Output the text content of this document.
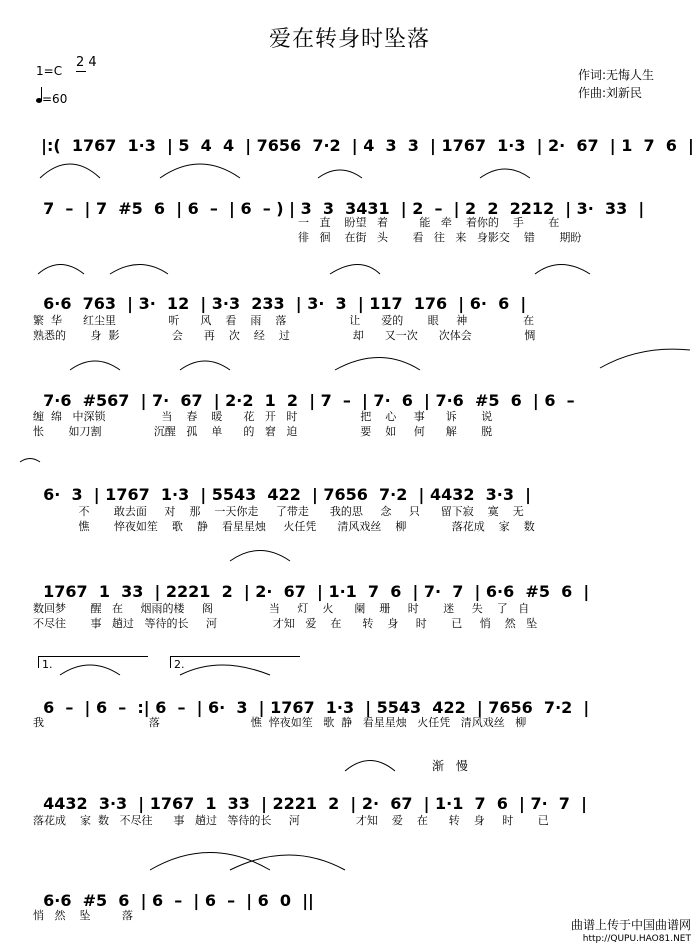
爱在转身时坠落
1=C
2 4
=60
作词:无悔人生
作曲:刘新民

|:(  1767  1·3  | 5  4  4  | 7656  7·2  | 4  3  3  | 1767  1·3  | 2·  67  | 1  7  6  |

7  –  | 7  #5  6  | 6  –  | 6  – ) | 3  3  3431  | 2  –  | 2  2  2212  | 3·  33  |

一   直    盼望   着         能   牵    着你的    手       在
徘   徊    在街   头       看   往   来   身影交    错       期盼

6·6  763  | 3·  12  | 3·3  233  | 3·  3  | 117  176  | 6·  6  |

繁  华      红尘里               听      风    看    雨    落                  让      爱的       眼     神                在
熟悉的       身  影               会      再    次    经    过                  却      又一次      次体会               惆

7·6  #567  | 7·  67  | 2·2  1  2  | 7  –  | 7·  6  | 7·6  #5  6  | 6  –

缠  绵   中深锁                当    春    暖      花   开   时                  把    心     事      诉       说
怅       如刀割               沉醒   孤    单      的   窘   迫                  要    如     何      解       脱

6·  3  | 1767  1·3  | 5543  422  | 7656  7·2  | 4432  3·3  |

不       敢去面     对    那    一天你走     了带走      我的思     念     只      留下寂    寞    无
憔       悴夜如笙    歌    静    看星星烛     火任凭      清风戏丝    柳             落花成    家    数

1767  1  33  | 2221  2  | 2·  67  | 1·1  7  6  | 7·  7  | 6·6  #5  6  |

数回梦       醒   在     烟雨的楼     阁                当     灯    火      阑    珊     时       迷     失    了   自
不尽往       事   趟过   等待的长     河                才知   爱    在      转    身     时       已     悄    然   坠
1.	2.

6  –  | 6  –  :| 6  –  | 6·  3  | 1767  1·3  | 5543  422  | 7656  7·2  |

我                              落                          憔  悴夜如笙   歌  静   看星星烛   火任凭   清风戏丝   柳
渐 慢

4432  3·3  | 1767  1  33  | 2221  2  | 2·  67  | 1·1  7  6  | 7·  7  |

落花成    家  数   不尽往      事   趟过   等待的长     河                才知    爱    在      转    身     时       已

6·6  #5  6  | 6  –  | 6  –  | 6  0  ||

悄   然    坠         落
曲谱上传于中国曲谱网
http://QUPU.HAO81.NET
